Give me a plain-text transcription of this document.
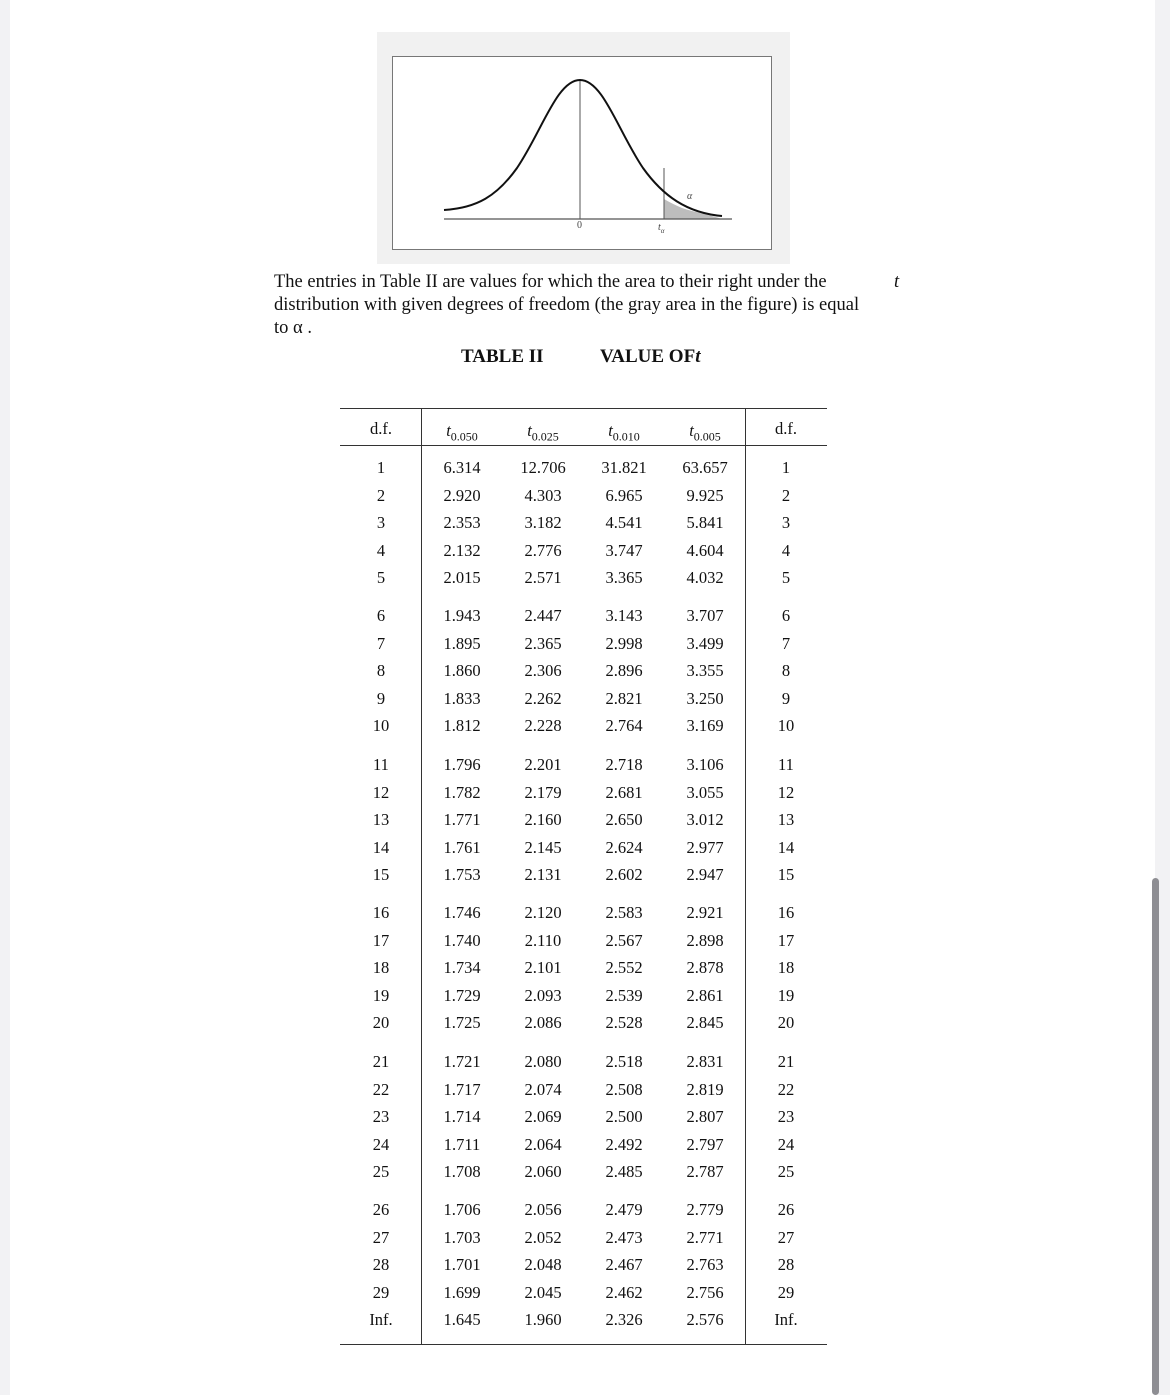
α
0	$t_\alpha$

The entries in Table II are values for which the area to their right under the distribution with given degrees of freedom (the gray area in the figure) is equal to α .

t
TABLE II	VALUE OFt
d.f.	$t_{0.050}$	$t_{0.025}$	$t_{0.010}$	$t_{0.005}$	d.f.
1	6.314	12.706	31.821	63.657	1
2	2.920	4.303	6.965	9.925	2
3	2.353	3.182	4.541	5.841	3
4	2.132	2.776	3.747	4.604	4
5	2.015	2.571	3.365	4.032	5
6	1.943	2.447	3.143	3.707	6
7	1.895	2.365	2.998	3.499	7
8	1.860	2.306	2.896	3.355	8
9	1.833	2.262	2.821	3.250	9
10	1.812	2.228	2.764	3.169	10
11	1.796	2.201	2.718	3.106	11
12	1.782	2.179	2.681	3.055	12
13	1.771	2.160	2.650	3.012	13
14	1.761	2.145	2.624	2.977	14
15	1.753	2.131	2.602	2.947	15
16	1.746	2.120	2.583	2.921	16
17	1.740	2.110	2.567	2.898	17
18	1.734	2.101	2.552	2.878	18
19	1.729	2.093	2.539	2.861	19
20	1.725	2.086	2.528	2.845	20
21	1.721	2.080	2.518	2.831	21
22	1.717	2.074	2.508	2.819	22
23	1.714	2.069	2.500	2.807	23
24	1.711	2.064	2.492	2.797	24
25	1.708	2.060	2.485	2.787	25
26	1.706	2.056	2.479	2.779	26
27	1.703	2.052	2.473	2.771	27
28	1.701	2.048	2.467	2.763	28
29	1.699	2.045	2.462	2.756	29
Inf.	1.645	1.960	2.326	2.576	Inf.
